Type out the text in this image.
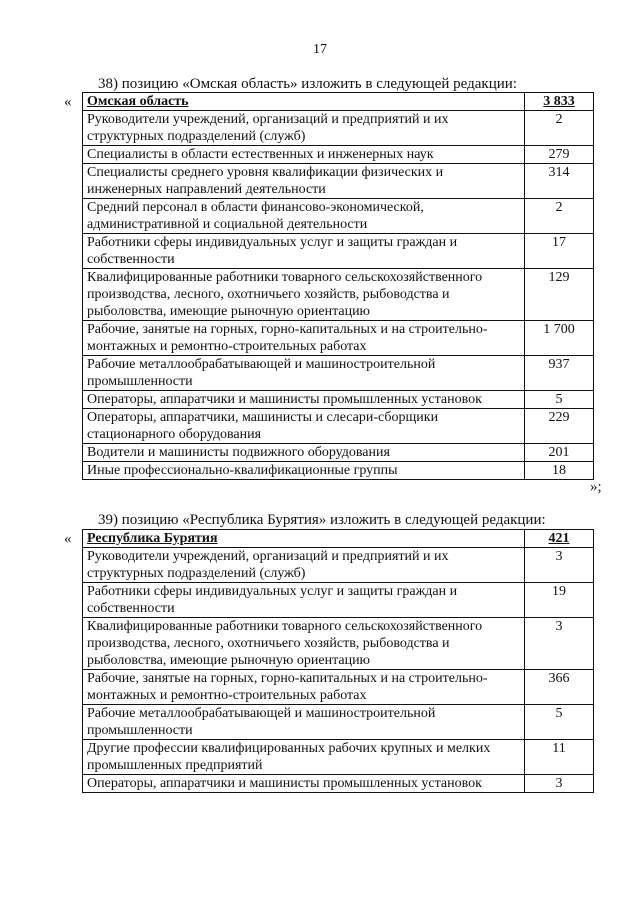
17
38) позицию «Омская область» изложить в следующей редакции:
« Омская область	3 833
Руководители учреждений, организаций и предприятий и их структурных подразделений (служб)	2
Специалисты в области естественных и инженерных наук	279
Специалисты среднего уровня квалификации физических и инженерных направлений деятельности	314
Средний персонал в области финансово-экономической, административной и социальной деятельности	2
Работники сферы индивидуальных услуг и защиты граждан и собственности	17
Квалифицированные работники товарного сельскохозяйственного производства, лесного, охотничьего хозяйств, рыбоводства и рыболовства, имеющие рыночную ориентацию	129
Рабочие, занятые на горных, горно-капитальных и на строительно-монтажных и ремонтно-строительных работах	1 700
Рабочие металлообрабатывающей и машиностроительной промышленности	937
Операторы, аппаратчики и машинисты промышленных установок	5
Операторы, аппаратчики, машинисты и слесари-сборщики стационарного оборудования	229
Водители и машинисты подвижного оборудования	201
Иные профессионально-квалификационные группы	18
»;
39) позицию «Республика Бурятия» изложить в следующей редакции:
« Республика Бурятия	421
Руководители учреждений, организаций и предприятий и их структурных подразделений (служб)	3
Работники сферы индивидуальных услуг и защиты граждан и собственности	19
Квалифицированные работники товарного сельскохозяйственного производства, лесного, охотничьего хозяйств, рыбоводства и рыболовства, имеющие рыночную ориентацию	3
Рабочие, занятые на горных, горно-капитальных и на строительно-монтажных и ремонтно-строительных работах	366
Рабочие металлообрабатывающей и машиностроительной промышленности	5
Другие профессии квалифицированных рабочих крупных и мелких промышленных предприятий	11
Операторы, аппаратчики и машинисты промышленных установок	3
